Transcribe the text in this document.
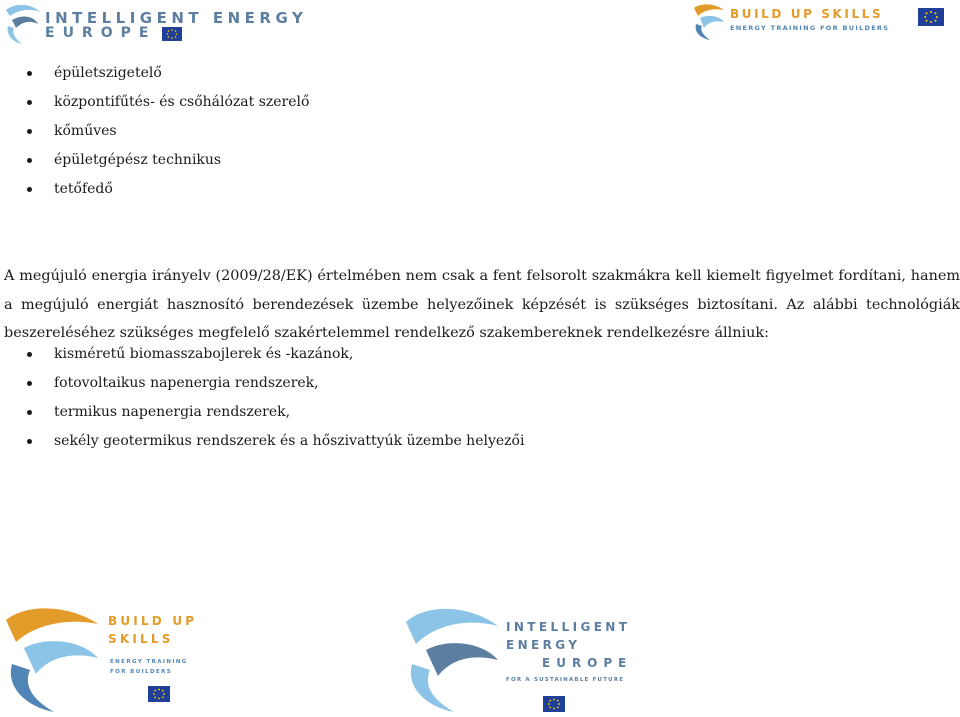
INTELLIGENT ENERGY
EUROPE
BUILD UP SKILLS
ENERGY TRAINING FOR BUILDERS
épületszigetelő
központifűtés- és csőhálózat szerelő
kőműves
épületgépész technikus
tetőfedő

A megújuló energia irányelv (2009/28/EK) értelmében nem csak a fent felsorolt szakmákra kell kiemelt figyelmet fordítani, hanem a megújuló energiát hasznosító berendezések üzembe helyezőinek képzését is szükséges biztosítani. Az alábbi technológiák beszereléséhez szükséges megfelelő szakértelemmel rendelkező szakembereknek rendelkezésre állniuk:

kisméretű biomasszabojlerek és -kazánok,
fotovoltaikus napenergia rendszerek,
termikus napenergia rendszerek,
sekély geotermikus rendszerek és a hőszivattyúk üzembe helyezői
BUILD UP
SKILLS
ENERGY TRAINING
FOR BUILDERS
INTELLIGENT
ENERGY
EUROPE
FOR A SUSTAINABLE FUTURE
